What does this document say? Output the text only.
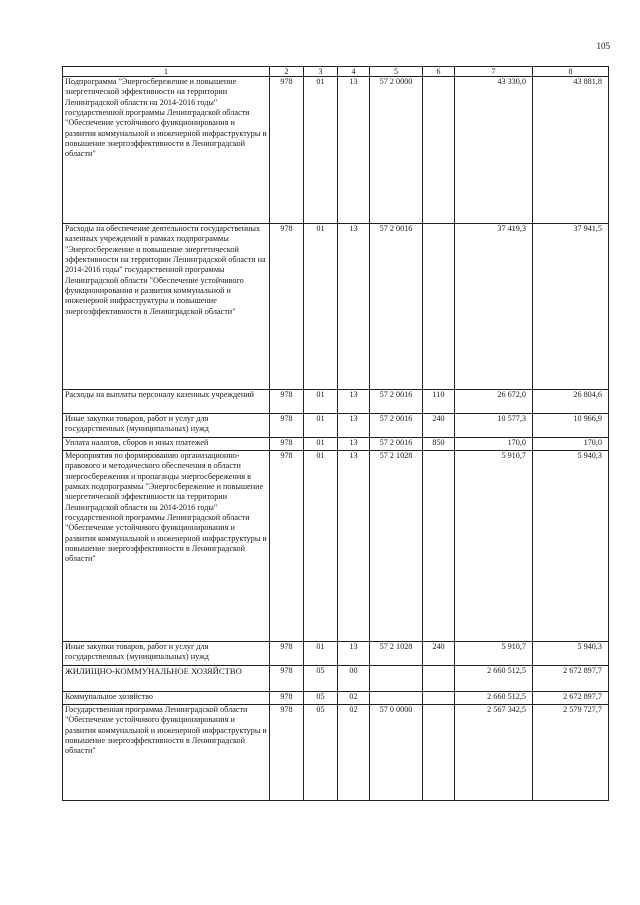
105
1	2	3	4	5	6	7	8
Подпрограмма "Энергосбережение и повышение энергетической эффективности на территории Ленинградской области на 2014-2016 годы" государственной программы Ленинградской области "Обеспечение устойчивого функционирования и развития коммунальной и инженерной инфраструктуры и повышение энергоэффективности в Ленинградской области"	978	01	13	57 2 0000		43 330,0	43 881,8
Расходы на обеспечение деятельности государственных казенных учреждений в рамках подпрограммы "Энергосбережение и повышение энергетической эффективности на территории Ленинградской области на 2014-2016 годы" государственной программы Ленинградской области "Обеспечение устойчивого функционирования и развития коммунальной и инженерной инфраструктуры и повышение энергоэффективности в Ленинградской области"	978	01	13	57 2 0016		37 419,3	37 941,5
Расходы на выплаты персоналу казенных учреждений	978	01	13	57 2 0016	110	26 672,0	26 804,6
Иные закупки товаров, работ и услуг для государственных (муниципальных) нужд	978	01	13	57 2 0016	240	10 577,3	10 966,9
Уплата налогов, сборов и иных платежей	978	01	13	57 2 0016	850	170,0	170,0
Мероприятия по формированию организационно-правового и методического обеспечения в области энергосбережения и пропаганды энергосбережения в рамках подпрограммы "Энергосбережение и повышение энергетической эффективности на территории Ленинградской области на 2014-2016 годы" государственной программы Ленинградской области "Обеспечение устойчивого функционирования и развития коммунальной и инженерной инфраструктуры и повышение энергоэффективности в Ленинградской области"	978	01	13	57 2 1028		5 910,7	5 940,3
Иные закупки товаров, работ и услуг для государственных (муниципальных) нужд	978	01	13	57 2 1028	240	5 910,7	5 940,3
ЖИЛИЩНО-КОММУНАЛЬНОЕ ХОЗЯЙСТВО	978	05	00			2 660 512,5	2 672 897,7
Коммунальное хозяйство	978	05	02			2 660 512,5	2 672 897,7
Государственная программа Ленинградской области "Обеспечение устойчивого функционирования и развития коммунальной и инженерной инфраструктуры и повышение энергоэффективности в Ленинградской области"	978	05	02	57 0 0000		2 567 342,5	2 579 727,7
